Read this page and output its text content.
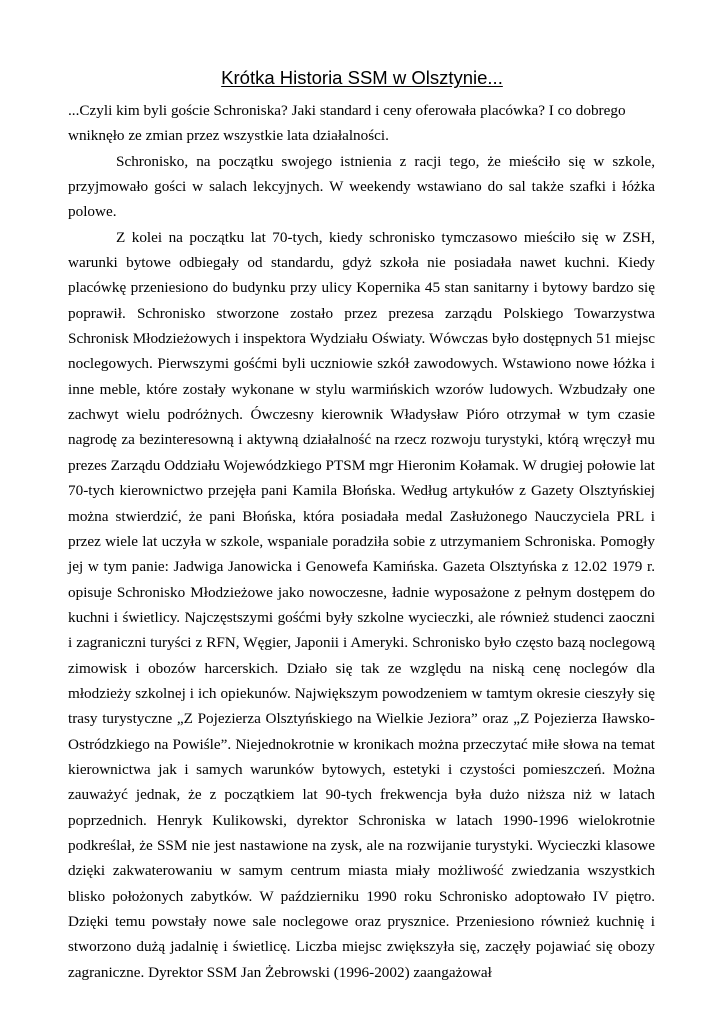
Krótka Historia SSM w Olsztynie...

...Czyli kim byli goście Schroniska? Jaki standard i ceny oferowała placówka? I co dobrego wniknęło ze zmian przez wszystkie lata działalności.

Schronisko, na początku swojego istnienia z racji tego, że mieściło się w szkole, przyjmowało gości w salach lekcyjnych. W weekendy wstawiano do sal także szafki i łóżka polowe.

Z kolei na początku lat 70-tych, kiedy schronisko tymczasowo mieściło się w ZSH, warunki bytowe odbiegały od standardu, gdyż szkoła nie posiadała nawet kuchni. Kiedy placówkę przeniesiono do budynku przy ulicy Kopernika 45 stan sanitarny i bytowy bardzo się poprawił. Schronisko stworzone zostało przez prezesa zarządu Polskiego Towarzystwa Schronisk Młodzieżowych i inspektora Wydziału Oświaty. Wówczas było dostępnych 51 miejsc noclegowych. Pierwszymi gośćmi byli uczniowie szkół zawodowych. Wstawiono nowe łóżka i inne meble, które zostały wykonane w stylu warmińskich wzorów ludowych. Wzbudzały one zachwyt wielu podróżnych. Ówczesny kierownik Władysław Pióro otrzymał w tym czasie nagrodę za bezinteresowną i aktywną działalność na rzecz rozwoju turystyki, którą wręczył mu prezes Zarządu Oddziału Wojewódzkiego PTSM mgr Hieronim Kołamak. W drugiej połowie lat 70-tych kierownictwo przejęła pani Kamila Błońska. Według artykułów z Gazety Olsztyńskiej można stwierdzić, że pani Błońska, która posiadała medal Zasłużonego Nauczyciela PRL i przez wiele lat uczyła w szkole, wspaniale poradziła sobie z utrzymaniem Schroniska. Pomogły jej w tym panie: Jadwiga Janowicka i Genowefa Kamińska. Gazeta Olsztyńska z 12.02 1979 r. opisuje Schronisko Młodzieżowe jako nowoczesne, ładnie wyposażone z pełnym dostępem do kuchni i świetlicy. Najczęstszymi gośćmi były szkolne wycieczki, ale również studenci zaoczni i zagraniczni turyści z RFN, Węgier, Japonii i Ameryki. Schronisko było często bazą noclegową zimowisk i obozów harcerskich. Działo się tak ze względu na niską cenę noclegów dla młodzieży szkolnej i ich opiekunów. Największym powodzeniem w tamtym okresie cieszyły się trasy turystyczne „Z Pojezierza Olsztyńskiego na Wielkie Jeziora” oraz „Z Pojezierza Iławsko-Ostródzkiego na Powiśle”. Niejednokrotnie w kronikach można przeczytać miłe słowa na temat kierownictwa jak i samych warunków bytowych, estetyki i czystości pomieszczeń. Można zauważyć jednak, że z początkiem lat 90-tych frekwencja była dużo niższa niż w latach poprzednich. Henryk Kulikowski, dyrektor Schroniska w latach 1990-1996 wielokrotnie podkreślał, że SSM nie jest nastawione na zysk, ale na rozwijanie turystyki. Wycieczki klasowe dzięki zakwaterowaniu w samym centrum miasta miały możliwość zwiedzania wszystkich blisko położonych zabytków. W październiku 1990 roku Schronisko adoptowało IV piętro. Dzięki temu powstały nowe sale noclegowe oraz prysznice. Przeniesiono również kuchnię i stworzono dużą jadalnię i świetlicę. Liczba miejsc zwiększyła się, zaczęły pojawiać się obozy zagraniczne. Dyrektor SSM Jan Żebrowski (1996-2002) zaangażował
